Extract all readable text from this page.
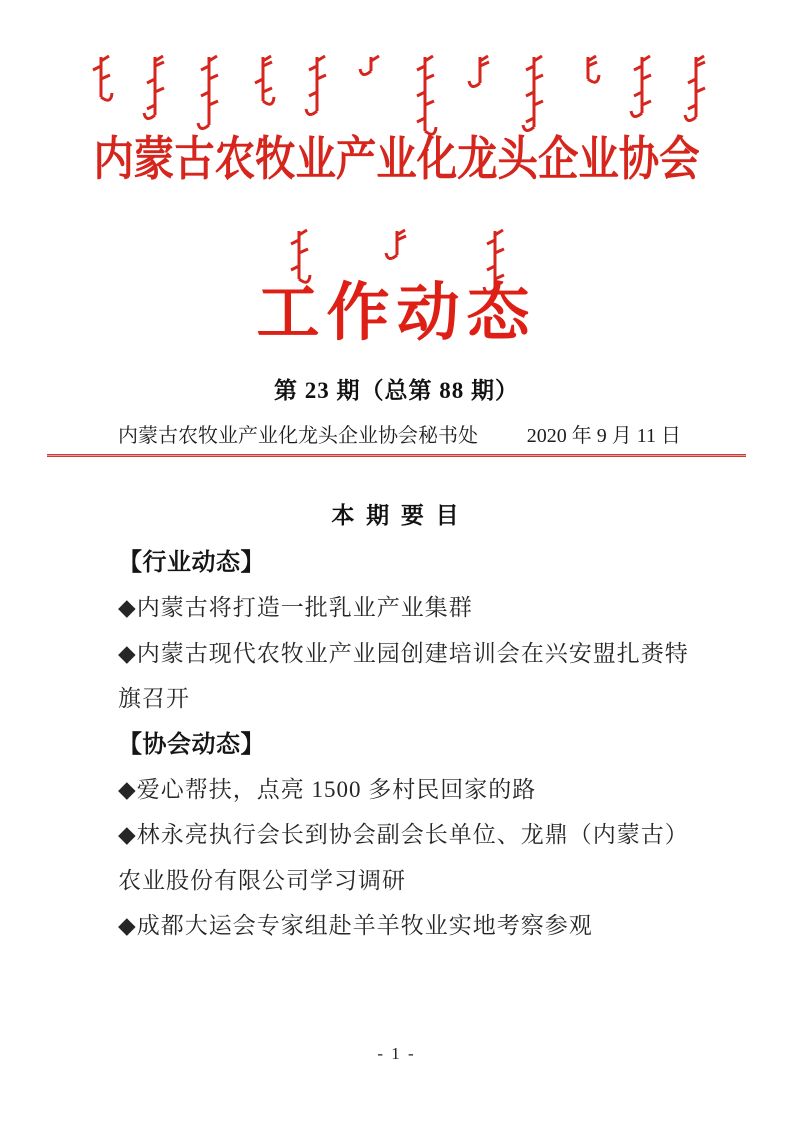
内蒙古农牧业产业化龙头企业协会
工作动态
第 23 期（总第 88 期）
内蒙古农牧业产业化龙头企业协会秘书处 2020 年 9 月 11 日
本 期 要 目
【行业动态】
◆内蒙古将打造一批乳业产业集群
◆内蒙古现代农牧业产业园创建培训会在兴安盟扎赉特旗召开
【协会动态】
◆爱心帮扶，点亮 1500 多村民回家的路
◆林永亮执行会长到协会副会长单位、龙鼎（内蒙古）农业股份有限公司学习调研
◆成都大运会专家组赴羊羊牧业实地考察参观
- 1 -
